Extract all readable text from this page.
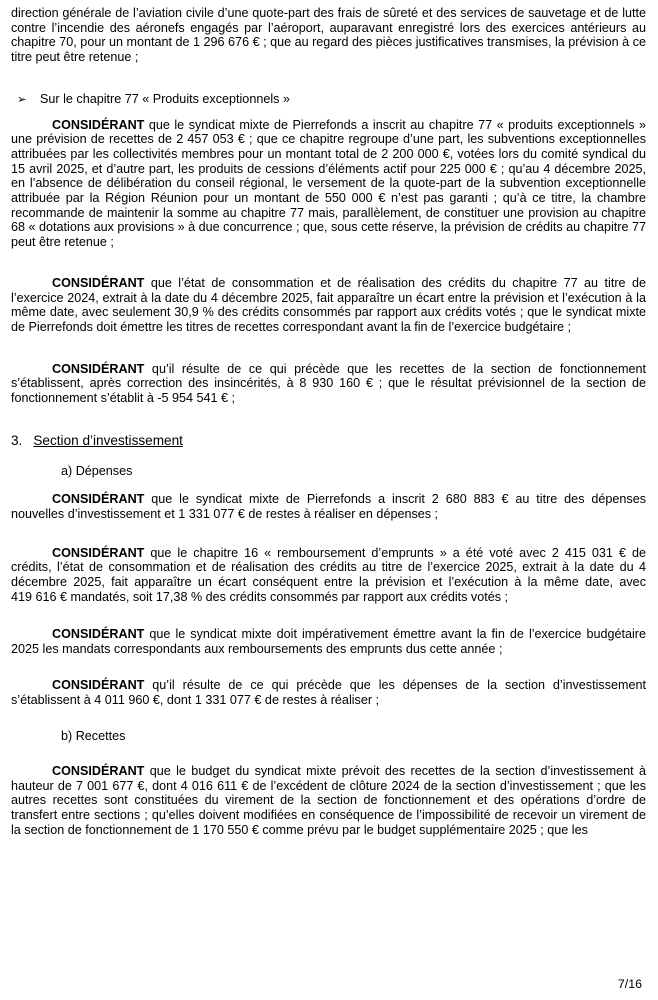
direction générale de l’aviation civile d’une quote-part des frais de sûreté et des services de sauvetage et de lutte contre l’incendie des aéronefs engagés par l’aéroport, auparavant enregistré lors des exercices antérieurs au chapitre 70, pour un montant de 1 296 676 € ; que au regard des pièces justificatives transmises, la prévision à ce titre peut être retenue ;

➢	Sur le chapitre 77 « Produits exceptionnels »

CONSIDÉRANT que le syndicat mixte de Pierrefonds a inscrit au chapitre 77 « produits exceptionnels » une prévision de recettes de 2 457 053 € ; que ce chapitre regroupe d’une part, les subventions exceptionnelles attribuées par les collectivités membres pour un montant total de 2 200 000 €, votées lors du comité syndical du 15 avril 2025, et d’autre part, les produits de cessions d’éléments actif pour 225 000 € ; qu’au 4 décembre 2025, en l’absence de délibération du conseil régional, le versement de la quote-part de la subvention exceptionnelle attribuée par la Région Réunion pour un montant de 550 000 € n’est pas garanti ; qu’à ce titre, la chambre recommande de maintenir la somme au chapitre 77 mais, parallèlement, de constituer une provision au chapitre 68 « dotations aux provisions » à due concurrence ; que, sous cette réserve, la prévision de crédits au chapitre 77 peut être retenue ;

CONSIDÉRANT que l’état de consommation et de réalisation des crédits du chapitre 77 au titre de l’exercice 2024, extrait à la date du 4 décembre 2025, fait apparaître un écart entre la prévision et l’exécution à la même date, avec seulement 30,9 % des crédits consommés par rapport aux crédits votés ; que le syndicat mixte de Pierrefonds doit émettre les titres de recettes correspondant avant la fin de l’exercice budgétaire ;

CONSIDÉRANT qu’il résulte de ce qui précède que les recettes de la section de fonctionnement s’établissent, après correction des insincérités, à 8 930 160 € ; que le résultat prévisionnel de la section de fonctionnement s’établit à -5 954 541 € ;

3. Section d’investissement

a) Dépenses

CONSIDÉRANT que le syndicat mixte de Pierrefonds a inscrit 2 680 883 € au titre des dépenses nouvelles d’investissement et 1 331 077 € de restes à réaliser en dépenses ;

CONSIDÉRANT que le chapitre 16 « remboursement d’emprunts » a été voté avec 2 415 031 € de crédits, l’état de consommation et de réalisation des crédits au titre de l’exercice 2025, extrait à la date du 4 décembre 2025, fait apparaître un écart conséquent entre la prévision et l’exécution à la même date, avec 419 616 € mandatés, soit 17,38 % des crédits consommés par rapport aux crédits votés ;

CONSIDÉRANT que le syndicat mixte doit impérativement émettre avant la fin de l’exercice budgétaire 2025 les mandats correspondants aux remboursements des emprunts dus cette année ;

CONSIDÉRANT qu’il résulte de ce qui précède que les dépenses de la section d’investissement s’établissent à 4 011 960 €, dont 1 331 077 € de restes à réaliser ;

b) Recettes

CONSIDÉRANT que le budget du syndicat mixte prévoit des recettes de la section d’investissement à hauteur de 7 001 677 €, dont 4 016 611 € de l’excédent de clôture 2024 de la section d’investissement ; que les autres recettes sont constituées du virement de la section de fonctionnement et des opérations d’ordre de transfert entre sections ; qu’elles doivent modifiées en conséquence de l’impossibilité de recevoir un virement de la section de fonctionnement de 1 170 550 € comme prévu par le budget supplémentaire 2025 ; que les

7/16
